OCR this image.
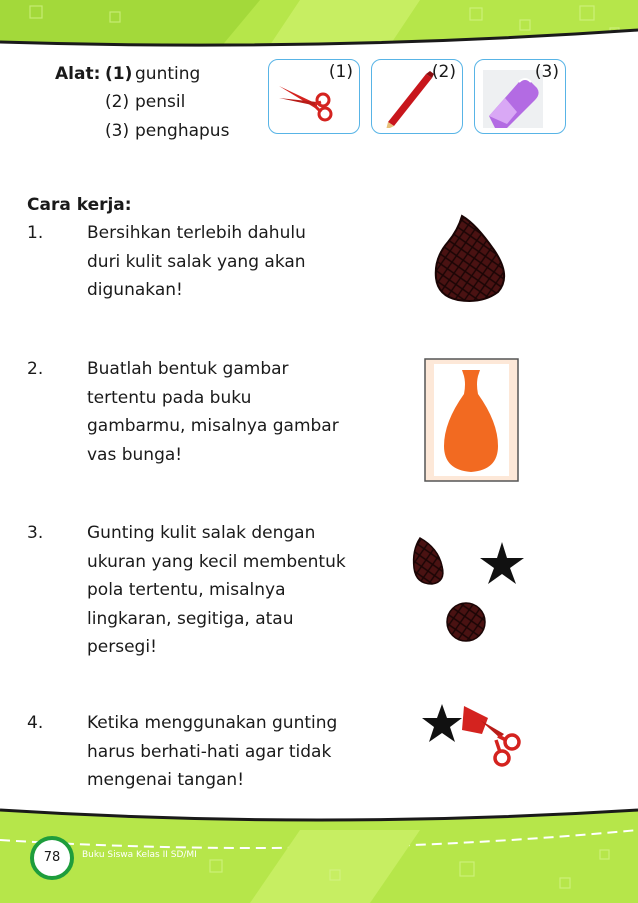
Alat: (1) gunting
(2) pensil
(3) penghapus
(1)	(2)	(3)
Cara kerja:
1.	Bersihkan terlebih dahulu
duri kulit salak yang akan
digunakan!
2.	Buatlah bentuk gambar
tertentu pada buku
gambarmu, misalnya gambar
vas bunga!
3.	Gunting kulit salak dengan
ukuran yang kecil membentuk
pola tertentu, misalnya
lingkaran, segitiga, atau
persegi!
4.	Ketika menggunakan gunting
harus berhati-hati agar tidak
mengenai tangan!
78	Buku Siswa Kelas II SD/MI
